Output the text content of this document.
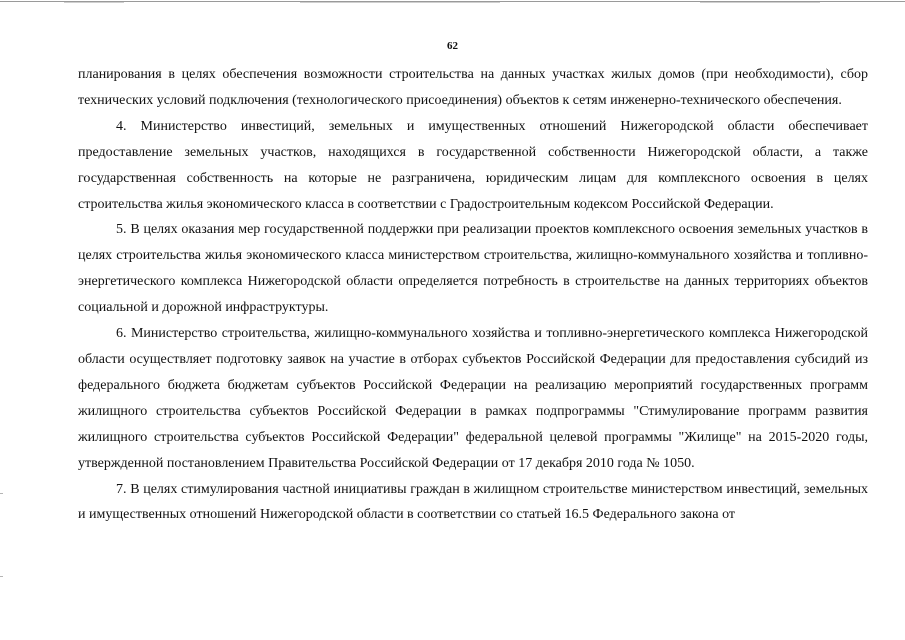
62

планирования в целях обеспечения возможности строительства на данных участках жилых домов (при необходимости), сбор технических условий подключения (технологического присоединения) объектов к сетям инженерно-технического обеспечения.

4. Министерство инвестиций, земельных и имущественных отношений Нижегородской области обеспечивает предоставление земельных участков, находящихся в государственной собственности Нижегородской области, а также государственная собственность на которые не разграничена, юридическим лицам для комплексного освоения в целях строительства жилья экономического класса в соответствии с Градостроительным кодексом Российской Федерации.

5. В целях оказания мер государственной поддержки при реализации проектов комплексного освоения земельных участков в целях строительства жилья экономического класса министерством строительства, жилищно-коммунального хозяйства и топливно-энергетического комплекса Нижегородской области определяется потребность в строительстве на данных территориях объектов социальной и дорожной инфраструктуры.

6. Министерство строительства, жилищно-коммунального хозяйства и топливно-энергетического комплекса Нижегородской области осуществляет подготовку заявок на участие в отборах субъектов Российской Федерации для предоставления субсидий из федерального бюджета бюджетам субъектов Российской Федерации на реализацию мероприятий государственных программ жилищного строительства субъектов Российской Федерации в рамках подпрограммы "Стимулирование программ развития жилищного строительства субъектов Российской Федерации" федеральной целевой программы "Жилище" на 2015-2020 годы, утвержденной постановлением Правительства Российской Федерации от 17 декабря 2010 года № 1050.

7. В целях стимулирования частной инициативы граждан в жилищном строительстве министерством инвестиций, земельных и имущественных отношений Нижегородской области в соответствии со статьей 16.5 Федерального закона от
